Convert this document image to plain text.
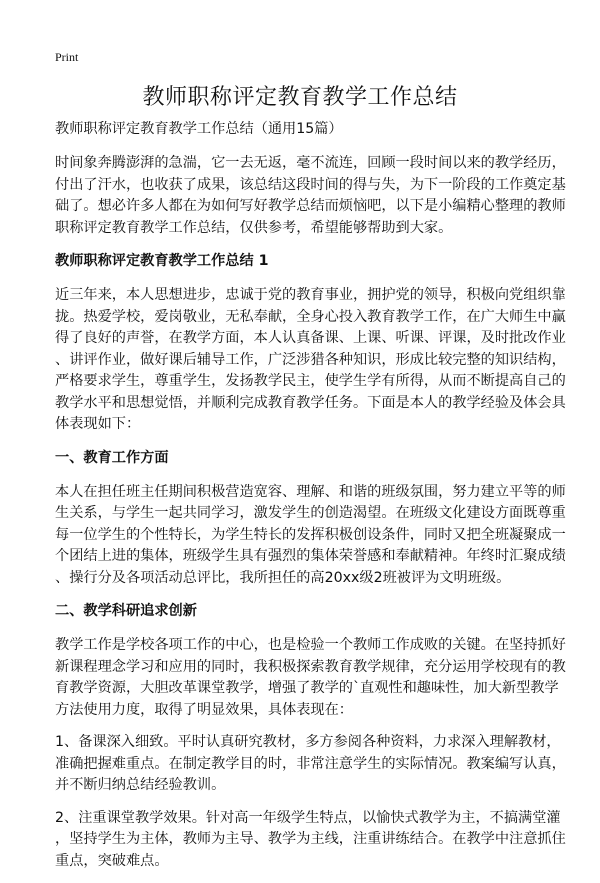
Print
教师职称评定教育教学工作总结
教师职称评定教育教学工作总结（通用15篇）
时间象奔腾澎湃的急湍，它一去无返，毫不流连，回顾一段时间以来的教学经历，
付出了汗水，也收获了成果，该总结这段时间的得与失，为下一阶段的工作奠定基
础了。想必许多人都在为如何写好教学总结而烦恼吧，以下是小编精心整理的教师
职称评定教育教学工作总结，仅供参考，希望能够帮助到大家。
教师职称评定教育教学工作总结 1
近三年来，本人思想进步，忠诚于党的教育事业，拥护党的领导，积极向党组织靠
拢。热爱学校，爱岗敬业，无私奉献，全身心投入教育教学工作，在广大师生中赢
得了良好的声誉，在教学方面，本人认真备课、上课、听课、评课，及时批改作业
、讲评作业，做好课后辅导工作，广泛涉猎各种知识，形成比较完整的知识结构，
严格要求学生，尊重学生，发扬教学民主，使学生学有所得，从而不断提高自己的
教学水平和思想觉悟，并顺利完成教育教学任务。下面是本人的教学经验及体会具
体表现如下：
一、教育工作方面
本人在担任班主任期间积极营造宽容、理解、和谐的班级氛围，努力建立平等的师
生关系，与学生一起共同学习，激发学生的创造渴望。在班级文化建设方面既尊重
每一位学生的个性特长，为学生特长的发挥积极创设条件，同时又把全班凝聚成一
个团结上进的集体，班级学生具有强烈的集体荣誉感和奉献精神。年终时汇聚成绩
、操行分及各项活动总评比，我所担任的高20xx级2班被评为文明班级。
二、教学科研追求创新
教学工作是学校各项工作的中心，也是检验一个教师工作成败的关键。在坚持抓好
新课程理念学习和应用的同时，我积极探索教育教学规律，充分运用学校现有的教
育教学资源，大胆改革课堂教学，增强了教学的`直观性和趣味性，加大新型教学
方法使用力度，取得了明显效果，具体表现在：
1、备课深入细致。平时认真研究教材，多方参阅各种资料，力求深入理解教材，
准确把握难重点。在制定教学目的时，非常注意学生的实际情况。教案编写认真，
并不断归纳总结经验教训。
2、注重课堂教学效果。针对高一年级学生特点，以愉快式教学为主，不搞满堂灌
，坚持学生为主体，教师为主导、教学为主线，注重讲练结合。在教学中注意抓住
重点，突破难点。
